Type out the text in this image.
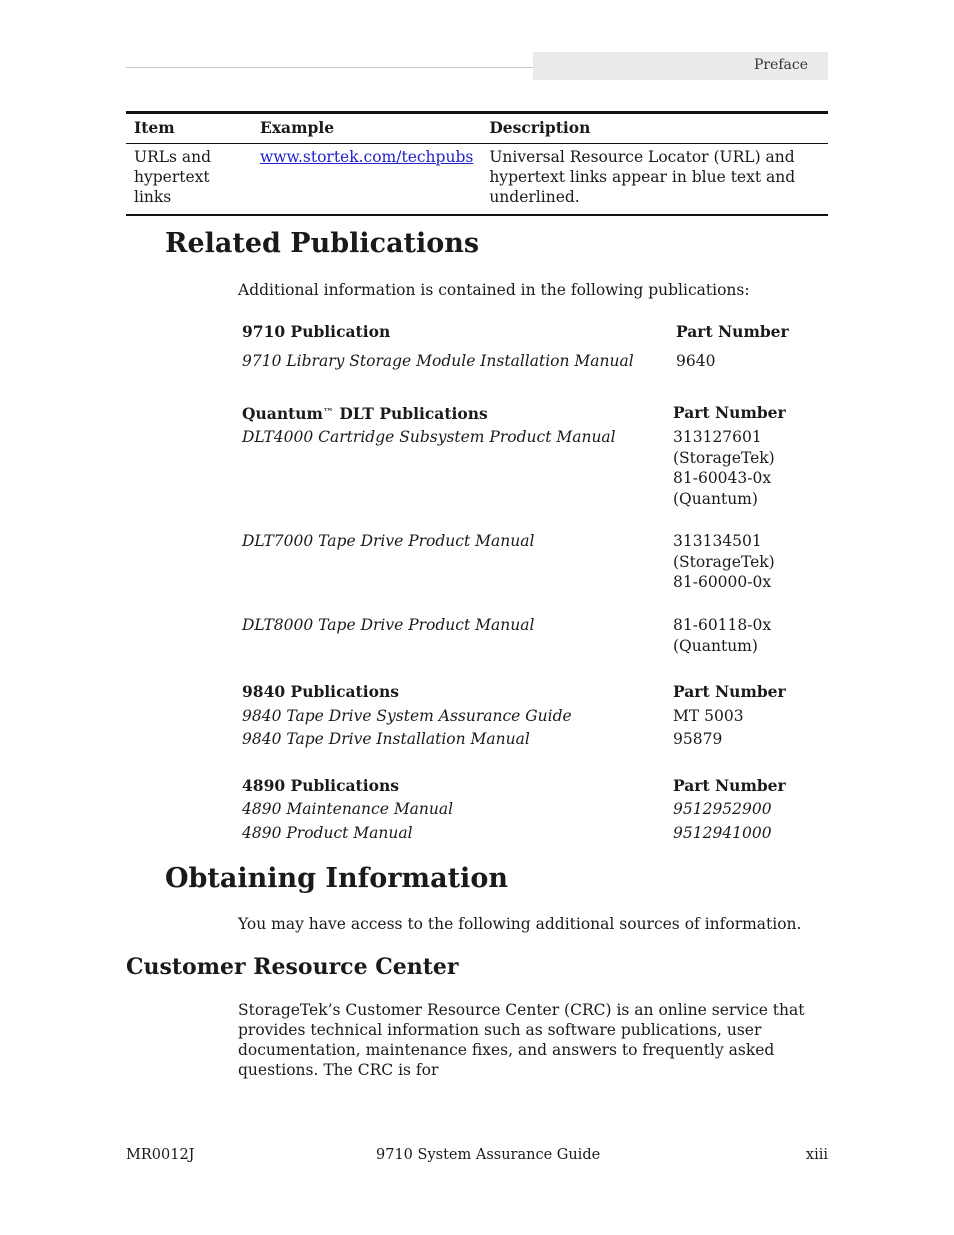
Preface
Item	Example	Description
URLs and hypertext links	www.stortek.com/techpubs	Universal Resource Locator (URL) and hypertext links appear in blue text and underlined.
Related Publications

Additional information is contained in the following publications:

9710 Publication	Part Number
9710 Library Storage Module Installation Manual	9640
Quantum™ DLT Publications	Part Number
DLT4000 Cartridge Subsystem Product Manual	313127601
(StorageTek)
81-60043-0x
(Quantum)
DLT7000 Tape Drive Product Manual	313134501
(StorageTek)
81-60000-0x
DLT8000 Tape Drive Product Manual	81-60118-0x
(Quantum)
9840 Publications	Part Number
9840 Tape Drive System Assurance Guide	MT 5003
9840 Tape Drive Installation Manual	95879
4890 Publications	Part Number
4890 Maintenance Manual	9512952900
4890 Product Manual	9512941000
Obtaining Information

You may have access to the following additional sources of information.

Customer Resource Center

StorageTek’s Customer Resource Center (CRC) is an online service that provides technical information such as software publications, user documentation, maintenance fixes, and answers to frequently asked questions. The CRC is for

MR0012J	9710 System Assurance Guide	xiii
